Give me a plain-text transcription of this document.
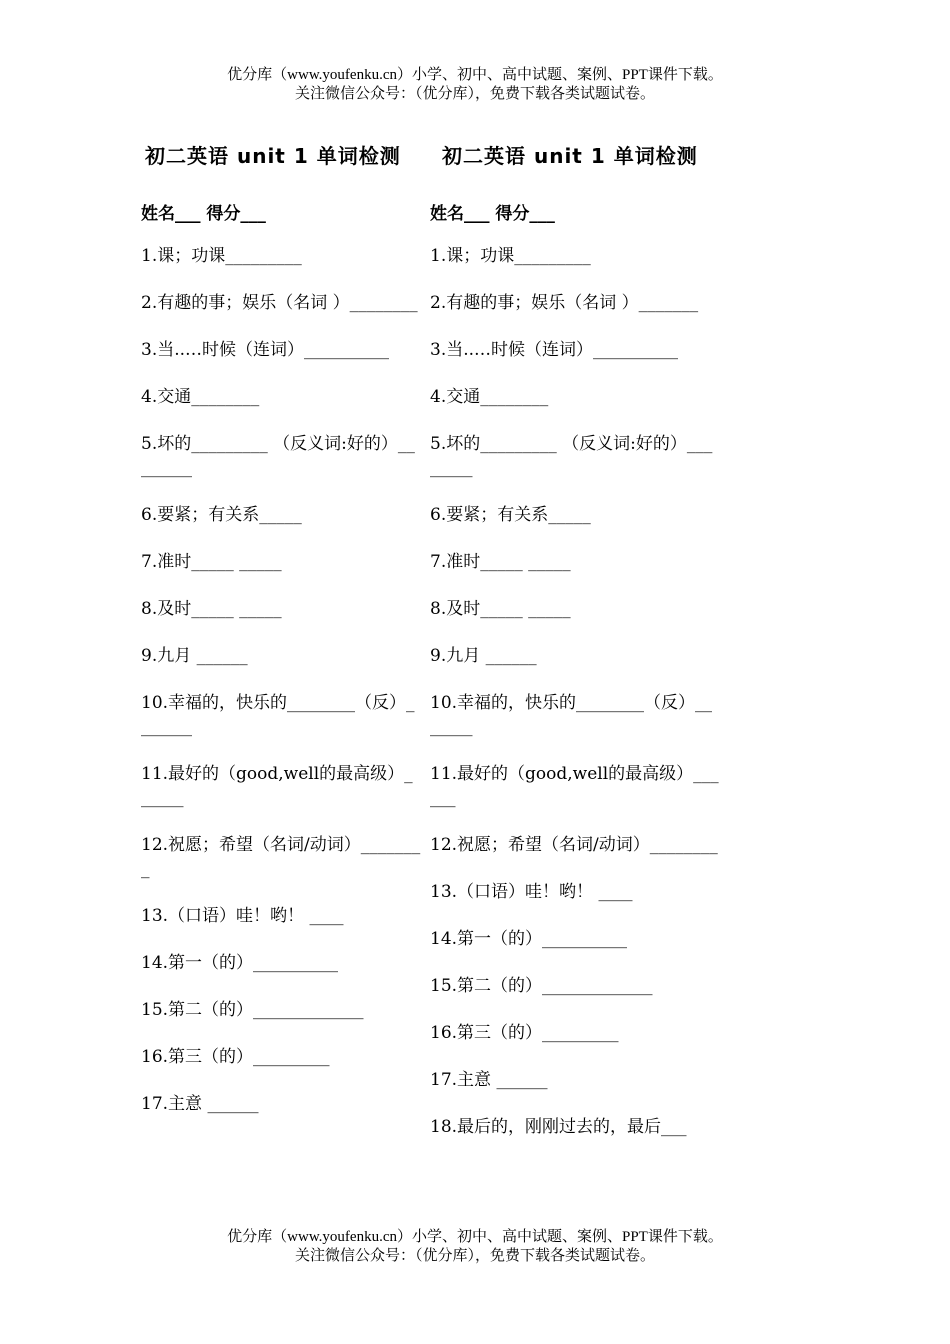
优分库（www.youfenku.cn）小学、初中、高中试题、案例、PPT课件下载。
关注微信公众号：（优分库），免费下载各类试题试卷。
初二英语 unit 1 单词检测
姓名___ 得分___
1.课；功课_________
2.有趣的事；娱乐（名词 ）________
3.当..…时候（连词）__________
4.交通________
5.坏的_________ （反义词:好的）________
6.要紧；有关系_____
7.准时_____ _____
8.及时_____ _____
9.九月 ______
10.幸福的，快乐的________（反）_______
11.最好的（good,well的最高级）______
12.祝愿；希望（名词/动词）________
13.（口语）哇！哟！ ____
14.第一（的）__________
15.第二（的）_____________
16.第三（的）_________
17.主意 ______
初二英语 unit 1 单词检测
姓名___ 得分___
1.课；功课_________
2.有趣的事；娱乐（名词 ）_______
3.当..…时候（连词）__________
4.交通________
5.坏的_________ （反义词:好的）________
6.要紧；有关系_____
7.准时_____ _____
8.及时_____ _____
9.九月 ______
10.幸福的，快乐的________（反）_______
11.最好的（good,well的最高级）______
12.祝愿；希望（名词/动词）________
13.（口语）哇！哟！ ____
14.第一（的）__________
15.第二（的）_____________
16.第三（的）_________
17.主意 ______
18.最后的，刚刚过去的，最后___
优分库（www.youfenku.cn）小学、初中、高中试题、案例、PPT课件下载。
关注微信公众号：（优分库），免费下载各类试题试卷。
